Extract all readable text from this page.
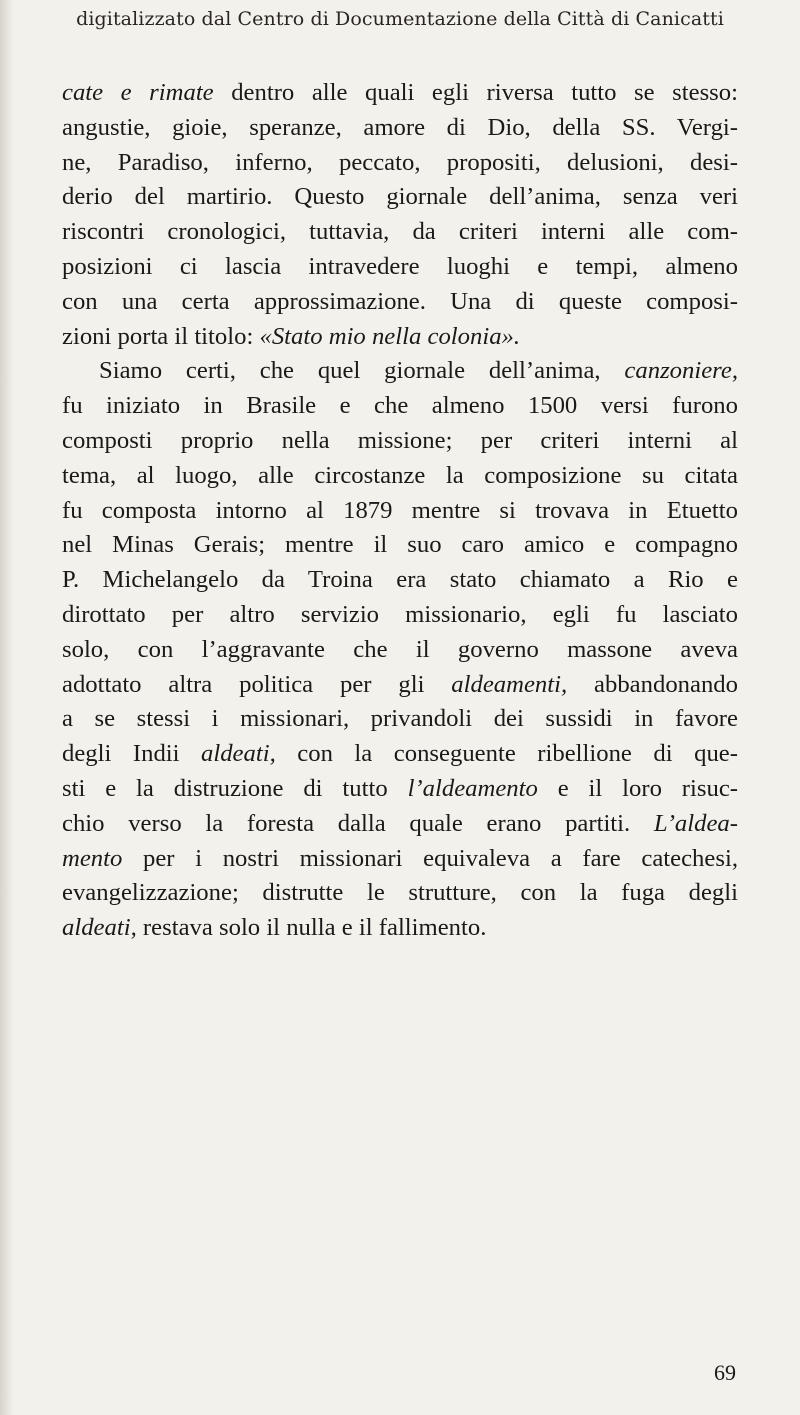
digitalizzato dal Centro di Documentazione della Città di Canicatti

cate e rimate dentro alle quali egli riversa tutto se stesso:
angustie, gioie, speranze, amore di Dio, della SS. Vergi-
ne, Paradiso, inferno, peccato, propositi, delusioni, desi-
derio del martirio. Questo giornale dell’anima, senza veri
riscontri cronologici, tuttavia, da criteri interni alle com-
posizioni ci lascia intravedere luoghi e tempi, almeno
con una certa approssimazione. Una di queste composi-
zioni porta il titolo: «Stato mio nella colonia».

Siamo certi, che quel giornale dell’anima, canzoniere,
fu iniziato in Brasile e che almeno 1500 versi furono
composti proprio nella missione; per criteri interni al
tema, al luogo, alle circostanze la composizione su citata
fu composta intorno al 1879 mentre si trovava in Etuetto
nel Minas Gerais; mentre il suo caro amico e compagno
P. Michelangelo da Troina era stato chiamato a Rio e
dirottato per altro servizio missionario, egli fu lasciato
solo, con l’aggravante che il governo massone aveva
adottato altra politica per gli aldeamenti, abbandonando
a se stessi i missionari, privandoli dei sussidi in favore
degli Indii aldeati, con la conseguente ribellione di que-
sti e la distruzione di tutto l’aldeamento e il loro risuc-
chio verso la foresta dalla quale erano partiti. L’aldea-
mento per i nostri missionari equivaleva a fare catechesi,
evangelizzazione; distrutte le strutture, con la fuga degli
aldeati, restava solo il nulla e il fallimento.

69
